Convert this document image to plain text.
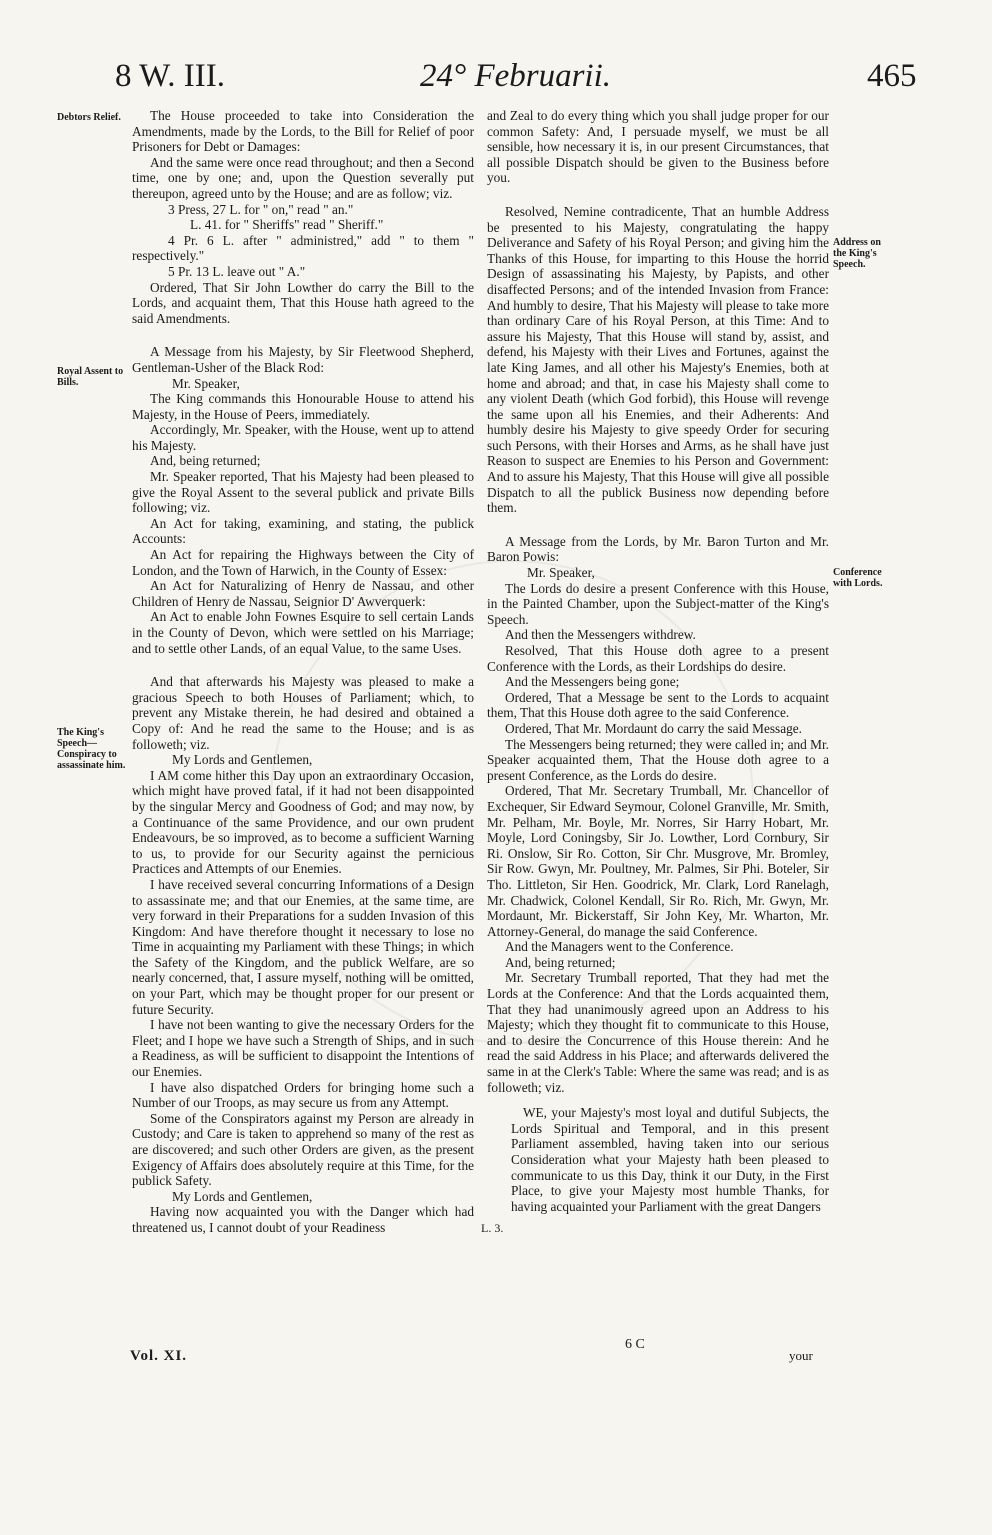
8 W. III.	24° Februarii.	465
Debtors Relief.
Royal Assent to Bills.
The King's Speech—Conspiracy to assassinate him.
Address on the King's Speech.
Conference with Lords.

The House proceeded to take into Consideration the Amendments, made by the Lords, to the Bill for Relief of poor Prisoners for Debt or Damages:

And the same were once read throughout; and then a Second time, one by one; and, upon the Question severally put thereupon, agreed unto by the House; and are as follow; viz.

3 Press, 27 L. for " on," read " an."

L. 41. for " Sheriffs" read " Sheriff."

4 Pr. 6 L. after " administred," add " to them " respectively."

5 Pr. 13 L. leave out " A."

Ordered, That Sir John Lowther do carry the Bill to the Lords, and acquaint them, That this House hath agreed to the said Amendments.

A Message from his Majesty, by Sir Fleetwood Shepherd, Gentleman-Usher of the Black Rod:

Mr. Speaker,

The King commands this Honourable House to attend his Majesty, in the House of Peers, immediately.

Accordingly, Mr. Speaker, with the House, went up to attend his Majesty.

And, being returned;

Mr. Speaker reported, That his Majesty had been pleased to give the Royal Assent to the several publick and private Bills following; viz.

An Act for taking, examining, and stating, the publick Accounts:

An Act for repairing the Highways between the City of London, and the Town of Harwich, in the County of Essex:

An Act for Naturalizing of Henry de Nassau, and other Children of Henry de Nassau, Seignior D' Awverquerk:

An Act to enable John Fownes Esquire to sell certain Lands in the County of Devon, which were settled on his Marriage; and to settle other Lands, of an equal Value, to the same Uses.

And that afterwards his Majesty was pleased to make a gracious Speech to both Houses of Parliament; which, to prevent any Mistake therein, he had desired and obtained a Copy of: And he read the same to the House; and is as followeth; viz.

My Lords and Gentlemen,

I AM come hither this Day upon an extraordinary Occasion, which might have proved fatal, if it had not been disappointed by the singular Mercy and Goodness of God; and may now, by a Continuance of the same Providence, and our own prudent Endeavours, be so improved, as to become a sufficient Warning to us, to provide for our Security against the pernicious Practices and Attempts of our Enemies.

I have received several concurring Informations of a Design to assassinate me; and that our Enemies, at the same time, are very forward in their Preparations for a sudden Invasion of this Kingdom: And have therefore thought it necessary to lose no Time in acquainting my Parliament with these Things; in which the Safety of the Kingdom, and the publick Welfare, are so nearly concerned, that, I assure myself, nothing will be omitted, on your Part, which may be thought proper for our present or future Security.

I have not been wanting to give the necessary Orders for the Fleet; and I hope we have such a Strength of Ships, and in such a Readiness, as will be sufficient to disappoint the Intentions of our Enemies.

I have also dispatched Orders for bringing home such a Number of our Troops, as may secure us from any Attempt.

Some of the Conspirators against my Person are already in Custody; and Care is taken to apprehend so many of the rest as are discovered; and such other Orders are given, as the present Exigency of Affairs does absolutely require at this Time, for the publick Safety.

My Lords and Gentlemen,

Having now acquainted you with the Danger which had threatened us, I cannot doubt of your Readiness

and Zeal to do every thing which you shall judge proper for our common Safety: And, I persuade myself, we must be all sensible, how necessary it is, in our present Circumstances, that all possible Dispatch should be given to the Business before you.

Resolved, Nemine contradicente, That an humble Address be presented to his Majesty, congratulating the happy Deliverance and Safety of his Royal Person; and giving him the Thanks of this House, for imparting to this House the horrid Design of assassinating his Majesty, by Papists, and other disaffected Persons; and of the intended Invasion from France: And humbly to desire, That his Majesty will please to take more than ordinary Care of his Royal Person, at this Time: And to assure his Majesty, That this House will stand by, assist, and defend, his Majesty with their Lives and Fortunes, against the late King James, and all other his Majesty's Enemies, both at home and abroad; and that, in case his Majesty shall come to any violent Death (which God forbid), this House will revenge the same upon all his Enemies, and their Adherents: And humbly desire his Majesty to give speedy Order for securing such Persons, with their Horses and Arms, as he shall have just Reason to suspect are Enemies to his Person and Government: And to assure his Majesty, That this House will give all possible Dispatch to all the publick Business now depending before them.

A Message from the Lords, by Mr. Baron Turton and Mr. Baron Powis:

Mr. Speaker,

The Lords do desire a present Conference with this House, in the Painted Chamber, upon the Subject-matter of the King's Speech.

And then the Messengers withdrew.

Resolved, That this House doth agree to a present Conference with the Lords, as their Lordships do desire.

And the Messengers being gone;

Ordered, That a Message be sent to the Lords to acquaint them, That this House doth agree to the said Conference.

Ordered, That Mr. Mordaunt do carry the said Message.

The Messengers being returned; they were called in; and Mr. Speaker acquainted them, That the House doth agree to a present Conference, as the Lords do desire.

Ordered, That Mr. Secretary Trumball, Mr. Chancellor of Exchequer, Sir Edward Seymour, Colonel Granville, Mr. Smith, Mr. Pelham, Mr. Boyle, Mr. Norres, Sir Harry Hobart, Mr. Moyle, Lord Coningsby, Sir Jo. Lowther, Lord Cornbury, Sir Ri. Onslow, Sir Ro. Cotton, Sir Chr. Musgrove, Mr. Bromley, Sir Row. Gwyn, Mr. Poultney, Mr. Palmes, Sir Phi. Boteler, Sir Tho. Littleton, Sir Hen. Goodrick, Mr. Clark, Lord Ranelagh, Mr. Chadwick, Colonel Kendall, Sir Ro. Rich, Mr. Gwyn, Mr. Mordaunt, Mr. Bickerstaff, Sir John Key, Mr. Wharton, Mr. Attorney-General, do manage the said Conference.

And the Managers went to the Conference.

And, being returned;

Mr. Secretary Trumball reported, That they had met the Lords at the Conference: And that the Lords acquainted them, That they had unanimously agreed upon an Address to his Majesty; which they thought fit to communicate to this House, and to desire the Concurrence of this House therein: And he read the said Address in his Place; and afterwards delivered the same in at the Clerk's Table: Where the same was read; and is as followeth; viz.

WE, your Majesty's most loyal and dutiful Subjects, the Lords Spiritual and Temporal, and in this present Parliament assembled, having taken into our serious Consideration what your Majesty hath been pleased to communicate to us this Day, think it our Duty, in the First Place, to give your Majesty most humble Thanks, for having acquainted your Parliament with the great Dangers

L. 3.
Vol. XI.
6 C
your
